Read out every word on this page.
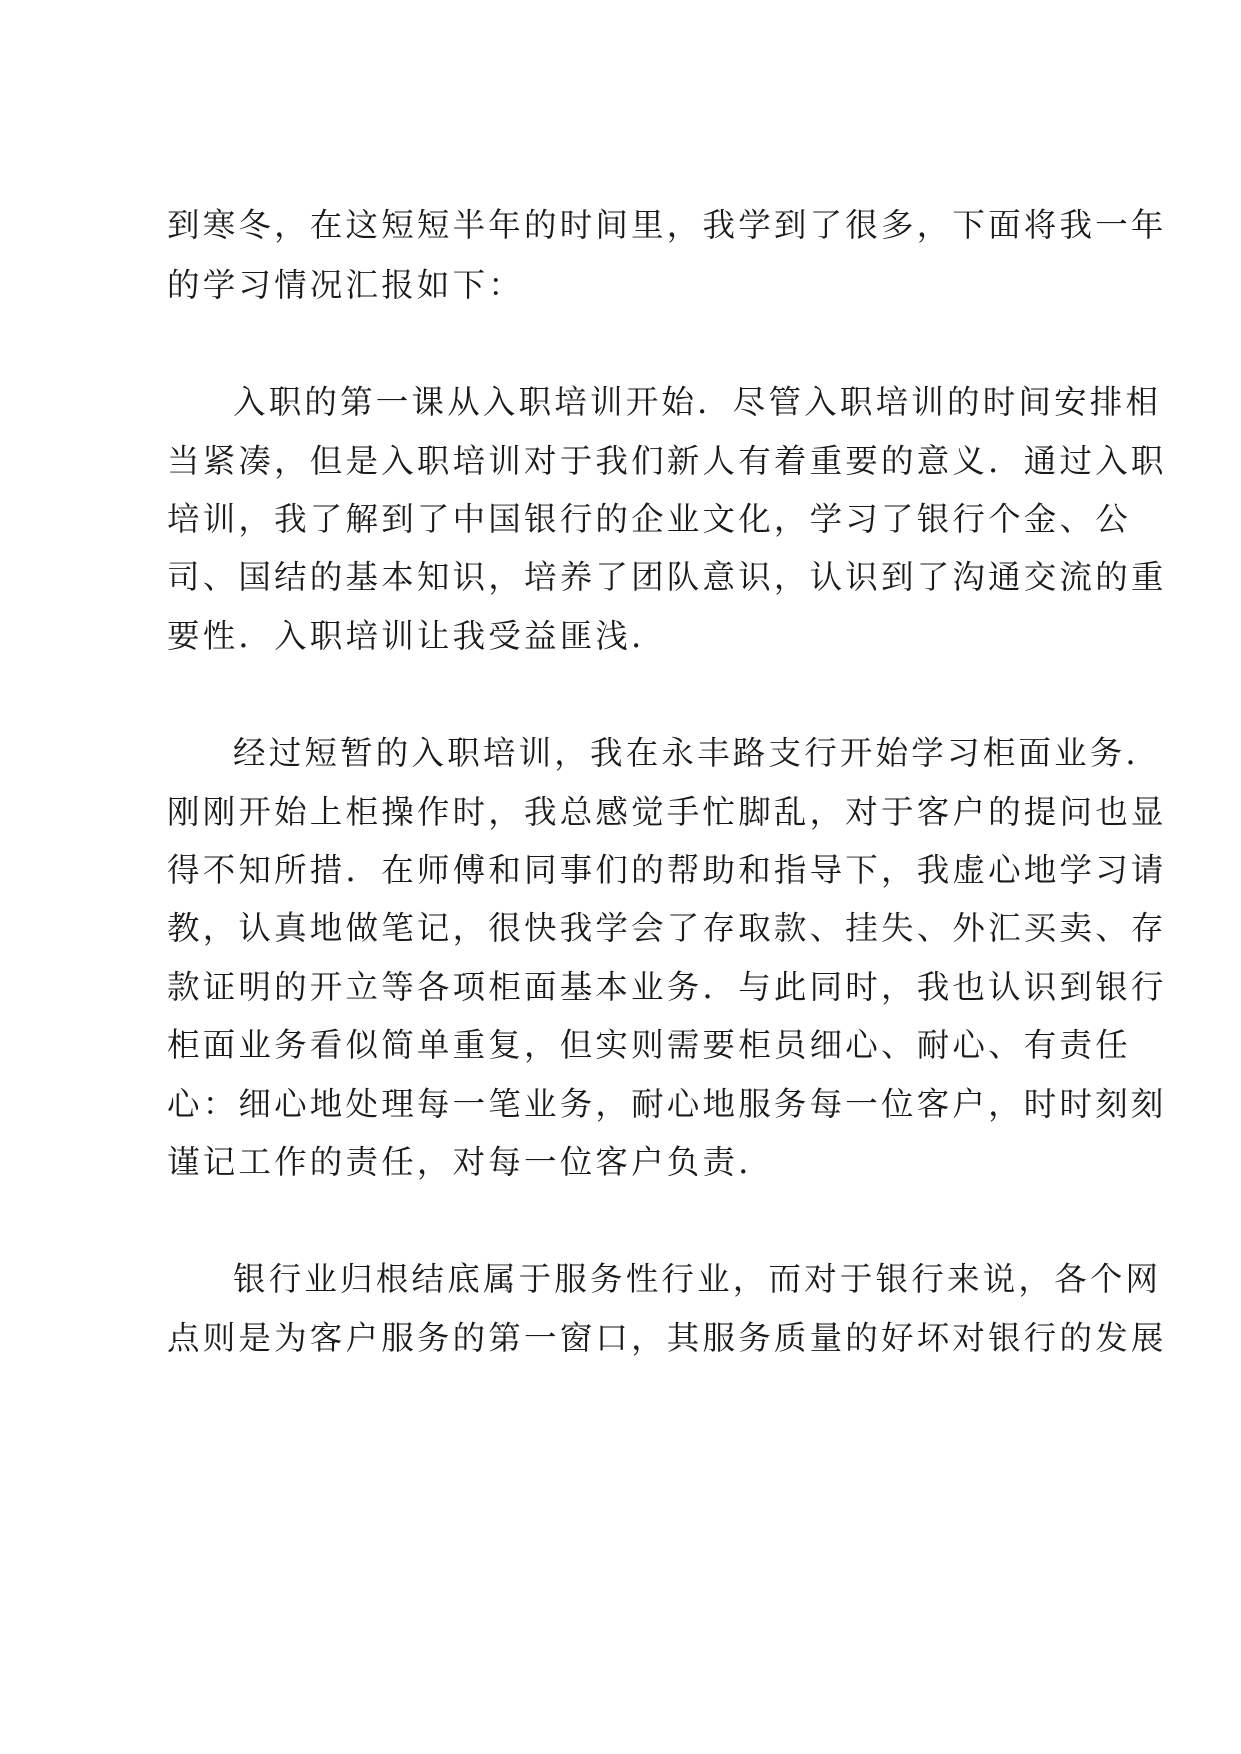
到寒冬，在这短短半年的时间里，我学到了很多，下面将我一年
的学习情况汇报如下：
入职的第一课从入职培训开始．尽管入职培训的时间安排相
当紧凑，但是入职培训对于我们新人有着重要的意义．通过入职
培训，我了解到了中国银行的企业文化，学习了银行个金、公
司、国结的基本知识，培养了团队意识，认识到了沟通交流的重
要性．入职培训让我受益匪浅．
经过短暂的入职培训，我在永丰路支行开始学习柜面业务．
刚刚开始上柜操作时，我总感觉手忙脚乱，对于客户的提问也显
得不知所措．在师傅和同事们的帮助和指导下，我虚心地学习请
教，认真地做笔记，很快我学会了存取款、挂失、外汇买卖、存
款证明的开立等各项柜面基本业务．与此同时，我也认识到银行
柜面业务看似简单重复，但实则需要柜员细心、耐心、有责任
心：细心地处理每一笔业务，耐心地服务每一位客户，时时刻刻
谨记工作的责任，对每一位客户负责．
银行业归根结底属于服务性行业，而对于银行来说，各个网
点则是为客户服务的第一窗口，其服务质量的好坏对银行的发展
